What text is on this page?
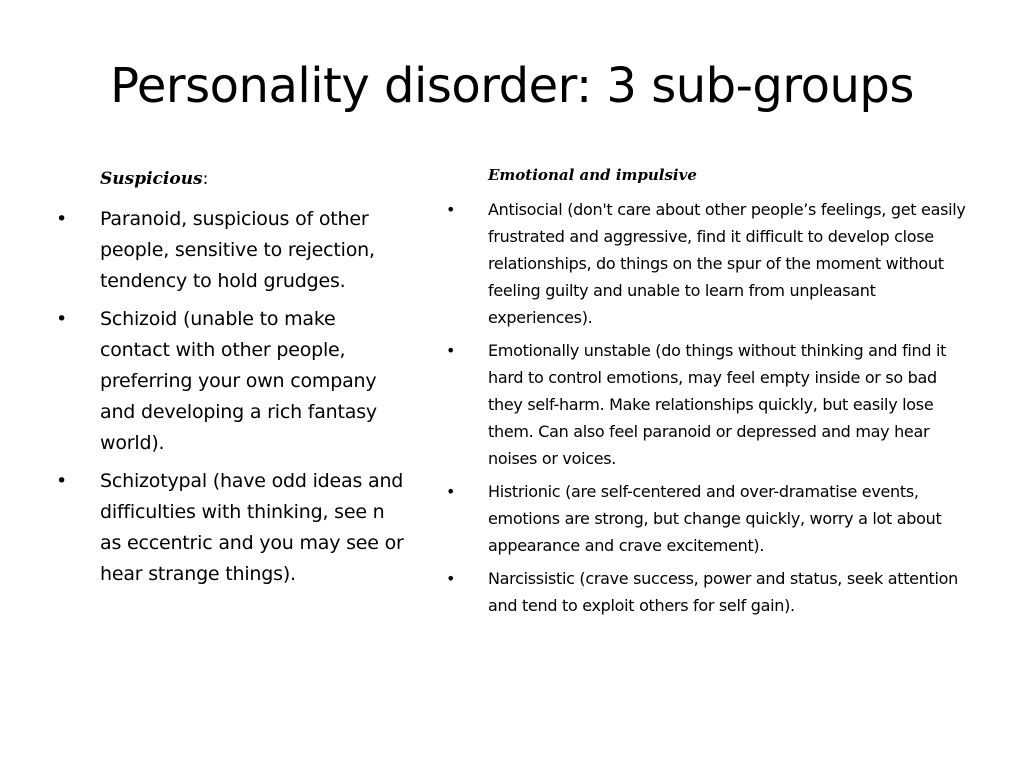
Personality disorder: 3 sub-groups

Suspicious:

•	Paranoid, suspicious of other people, sensitive to rejection, tendency to hold grudges.
•	Schizoid (unable to make contact with other people, preferring your own company and developing a rich fantasy world).
•	Schizotypal (have odd ideas and difficulties with thinking, see n as eccentric and you may see or hear strange things).

Emotional and impulsive

•	Antisocial (don't care about other people’s feelings, get easily frustrated and aggressive, find it difficult to develop close relationships, do things on the spur of the moment without feeling guilty and unable to learn from unpleasant experiences).
•	Emotionally unstable (do things without thinking and find it hard to control emotions, may feel empty inside or so bad they self-harm. Make relationships quickly, but easily lose them. Can also feel paranoid or depressed and may hear noises or voices.
•	Histrionic (are self-centered and over-dramatise events, emotions are strong, but change quickly, worry a lot about appearance and crave excitement).
•	Narcissistic (crave success, power and status, seek attention and tend to exploit others for self gain).
